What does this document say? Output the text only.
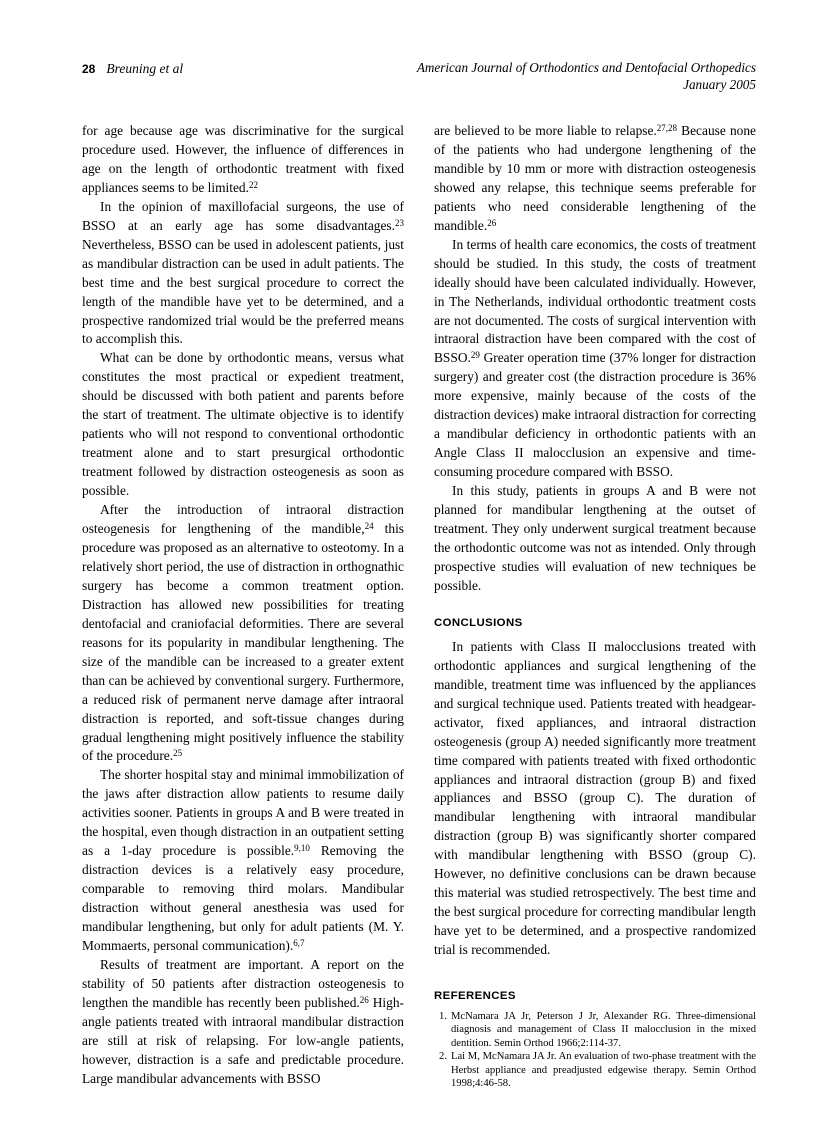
28 Breuning et al	American Journal of Orthodontics and Dentofacial Orthopedics
January 2005

for age because age was discriminative for the surgical procedure used. However, the influence of differences in age on the length of orthodontic treatment with fixed appliances seems to be limited.$^{22}$

In the opinion of maxillofacial surgeons, the use of BSSO at an early age has some disadvantages.$^{23}$ Nevertheless, BSSO can be used in adolescent patients, just as mandibular distraction can be used in adult patients. The best time and the best surgical procedure to correct the length of the mandible have yet to be determined, and a prospective randomized trial would be the preferred means to accomplish this.

What can be done by orthodontic means, versus what constitutes the most practical or expedient treatment, should be discussed with both patient and parents before the start of treatment. The ultimate objective is to identify patients who will not respond to conventional orthodontic treatment alone and to start presurgical orthodontic treatment followed by distraction osteogenesis as soon as possible.

After the introduction of intraoral distraction osteogenesis for lengthening of the mandible,$^{24}$ this procedure was proposed as an alternative to osteotomy. In a relatively short period, the use of distraction in orthognathic surgery has become a common treatment option. Distraction has allowed new possibilities for treating dentofacial and craniofacial deformities. There are several reasons for its popularity in mandibular lengthening. The size of the mandible can be increased to a greater extent than can be achieved by conventional surgery. Furthermore, a reduced risk of permanent nerve damage after intraoral distraction is reported, and soft-tissue changes during gradual lengthening might positively influence the stability of the procedure.$^{25}$

The shorter hospital stay and minimal immobilization of the jaws after distraction allow patients to resume daily activities sooner. Patients in groups A and B were treated in the hospital, even though distraction in an outpatient setting as a 1-day procedure is possible.$^{9,10}$ Removing the distraction devices is a relatively easy procedure, comparable to removing third molars. Mandibular distraction without general anesthesia was used for mandibular lengthening, but only for adult patients (M. Y. Mommaerts, personal communication).$^{6,7}$

Results of treatment are important. A report on the stability of 50 patients after distraction osteogenesis to lengthen the mandible has recently been published.$^{26}$ High-angle patients treated with intraoral mandibular distraction are still at risk of relapsing. For low-angle patients, however, distraction is a safe and predictable procedure. Large mandibular advancements with BSSO

are believed to be more liable to relapse.$^{27,28}$ Because none of the patients who had undergone lengthening of the mandible by 10 mm or more with distraction osteogenesis showed any relapse, this technique seems preferable for patients who need considerable lengthening of the mandible.$^{26}$

In terms of health care economics, the costs of treatment should be studied. In this study, the costs of treatment ideally should have been calculated individually. However, in The Netherlands, individual orthodontic treatment costs are not documented. The costs of surgical intervention with intraoral distraction have been compared with the cost of BSSO.$^{29}$ Greater operation time (37% longer for distraction surgery) and greater cost (the distraction procedure is 36% more expensive, mainly because of the costs of the distraction devices) make intraoral distraction for correcting a mandibular deficiency in orthodontic patients with an Angle Class II malocclusion an expensive and time-consuming procedure compared with BSSO.

In this study, patients in groups A and B were not planned for mandibular lengthening at the outset of treatment. They only underwent surgical treatment because the orthodontic outcome was not as intended. Only through prospective studies will evaluation of new techniques be possible.

CONCLUSIONS

In patients with Class II malocclusions treated with orthodontic appliances and surgical lengthening of the mandible, treatment time was influenced by the appliances and surgical technique used. Patients treated with headgear-activator, fixed appliances, and intraoral distraction osteogenesis (group A) needed significantly more treatment time compared with patients treated with fixed orthodontic appliances and intraoral distraction (group B) and fixed appliances and BSSO (group C). The duration of mandibular lengthening with intraoral mandibular distraction (group B) was significantly shorter compared with mandibular lengthening with BSSO (group C). However, no definitive conclusions can be drawn because this material was studied retrospectively. The best time and the best surgical procedure for correcting mandibular length have yet to be determined, and a prospective randomized trial is recommended.

REFERENCES
McNamara JA Jr, Peterson J Jr, Alexander RG. Three-dimensional diagnosis and management of Class II malocclusion in the mixed dentition. Semin Orthod 1966;2:114-37.
Lai M, McNamara JA Jr. An evaluation of two-phase treatment with the Herbst appliance and preadjusted edgewise therapy. Semin Orthod 1998;4:46-58.
